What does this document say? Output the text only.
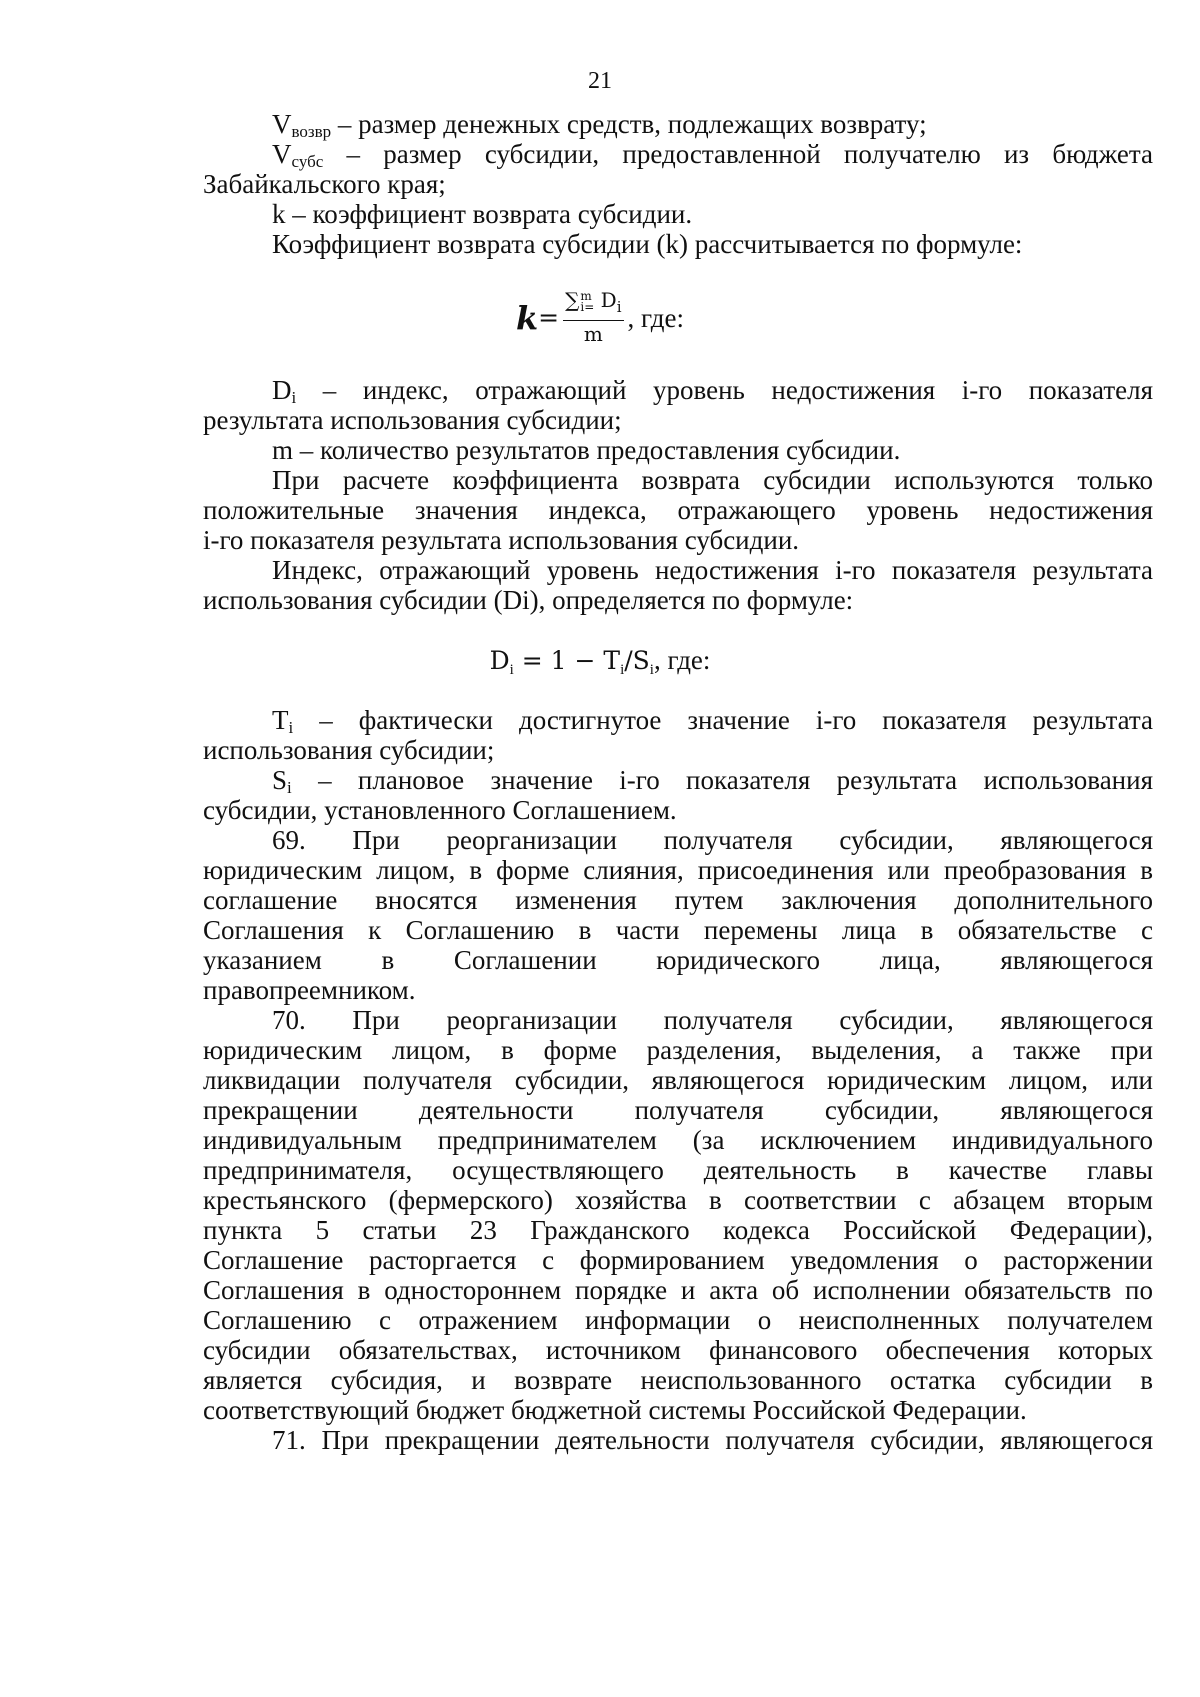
21
$V_{возвр}$ – размер денежных средств, подлежащих возврату;
$V_{субс}$ – размер субсидии, предоставленной получателю из бюджета
Забайкальского края;
k – коэффициент возврата субсидии.
Коэффициент возврата субсидии (k) рассчитывается по формуле:
k= ∑ m
$i= D_i$
m , где:
$D_i$ – индекс, отражающий уровень недостижения i-го показателя
результата использования субсидии;
m – количество результатов предоставления субсидии.
При расчете коэффициента возврата субсидии используются только
положительные значения индекса, отражающего уровень недостижения
i-го показателя результата использования субсидии.
Индекс, отражающий уровень недостижения i-го показателя результата
использования субсидии (Di), определяется по формуле:
Di = 1 − Ti/Si, где:
$T_i$ – фактически достигнутое значение i-го показателя результата
использования субсидии;
$S_i$ – плановое значение i-го показателя результата использования
субсидии, установленного Соглашением.
69. При реорганизации получателя субсидии, являющегося
юридическим лицом, в форме слияния, присоединения или преобразования в
соглашение вносятся изменения путем заключения дополнительного
Соглашения к Соглашению в части перемены лица в обязательстве с
указанием в Соглашении юридического лица, являющегося
правопреемником.
70. При реорганизации получателя субсидии, являющегося
юридическим лицом, в форме разделения, выделения, а также при
ликвидации получателя субсидии, являющегося юридическим лицом, или
прекращении деятельности получателя субсидии, являющегося
индивидуальным предпринимателем (за исключением индивидуального
предпринимателя, осуществляющего деятельность в качестве главы
крестьянского (фермерского) хозяйства в соответствии с абзацем вторым
пункта 5 статьи 23 Гражданского кодекса Российской Федерации),
Соглашение расторгается с формированием уведомления о расторжении
Соглашения в одностороннем порядке и акта об исполнении обязательств по
Соглашению с отражением информации о неисполненных получателем
субсидии обязательствах, источником финансового обеспечения которых
является субсидия, и возврате неиспользованного остатка субсидии в
соответствующий бюджет бюджетной системы Российской Федерации.
71. При прекращении деятельности получателя субсидии, являющегося
